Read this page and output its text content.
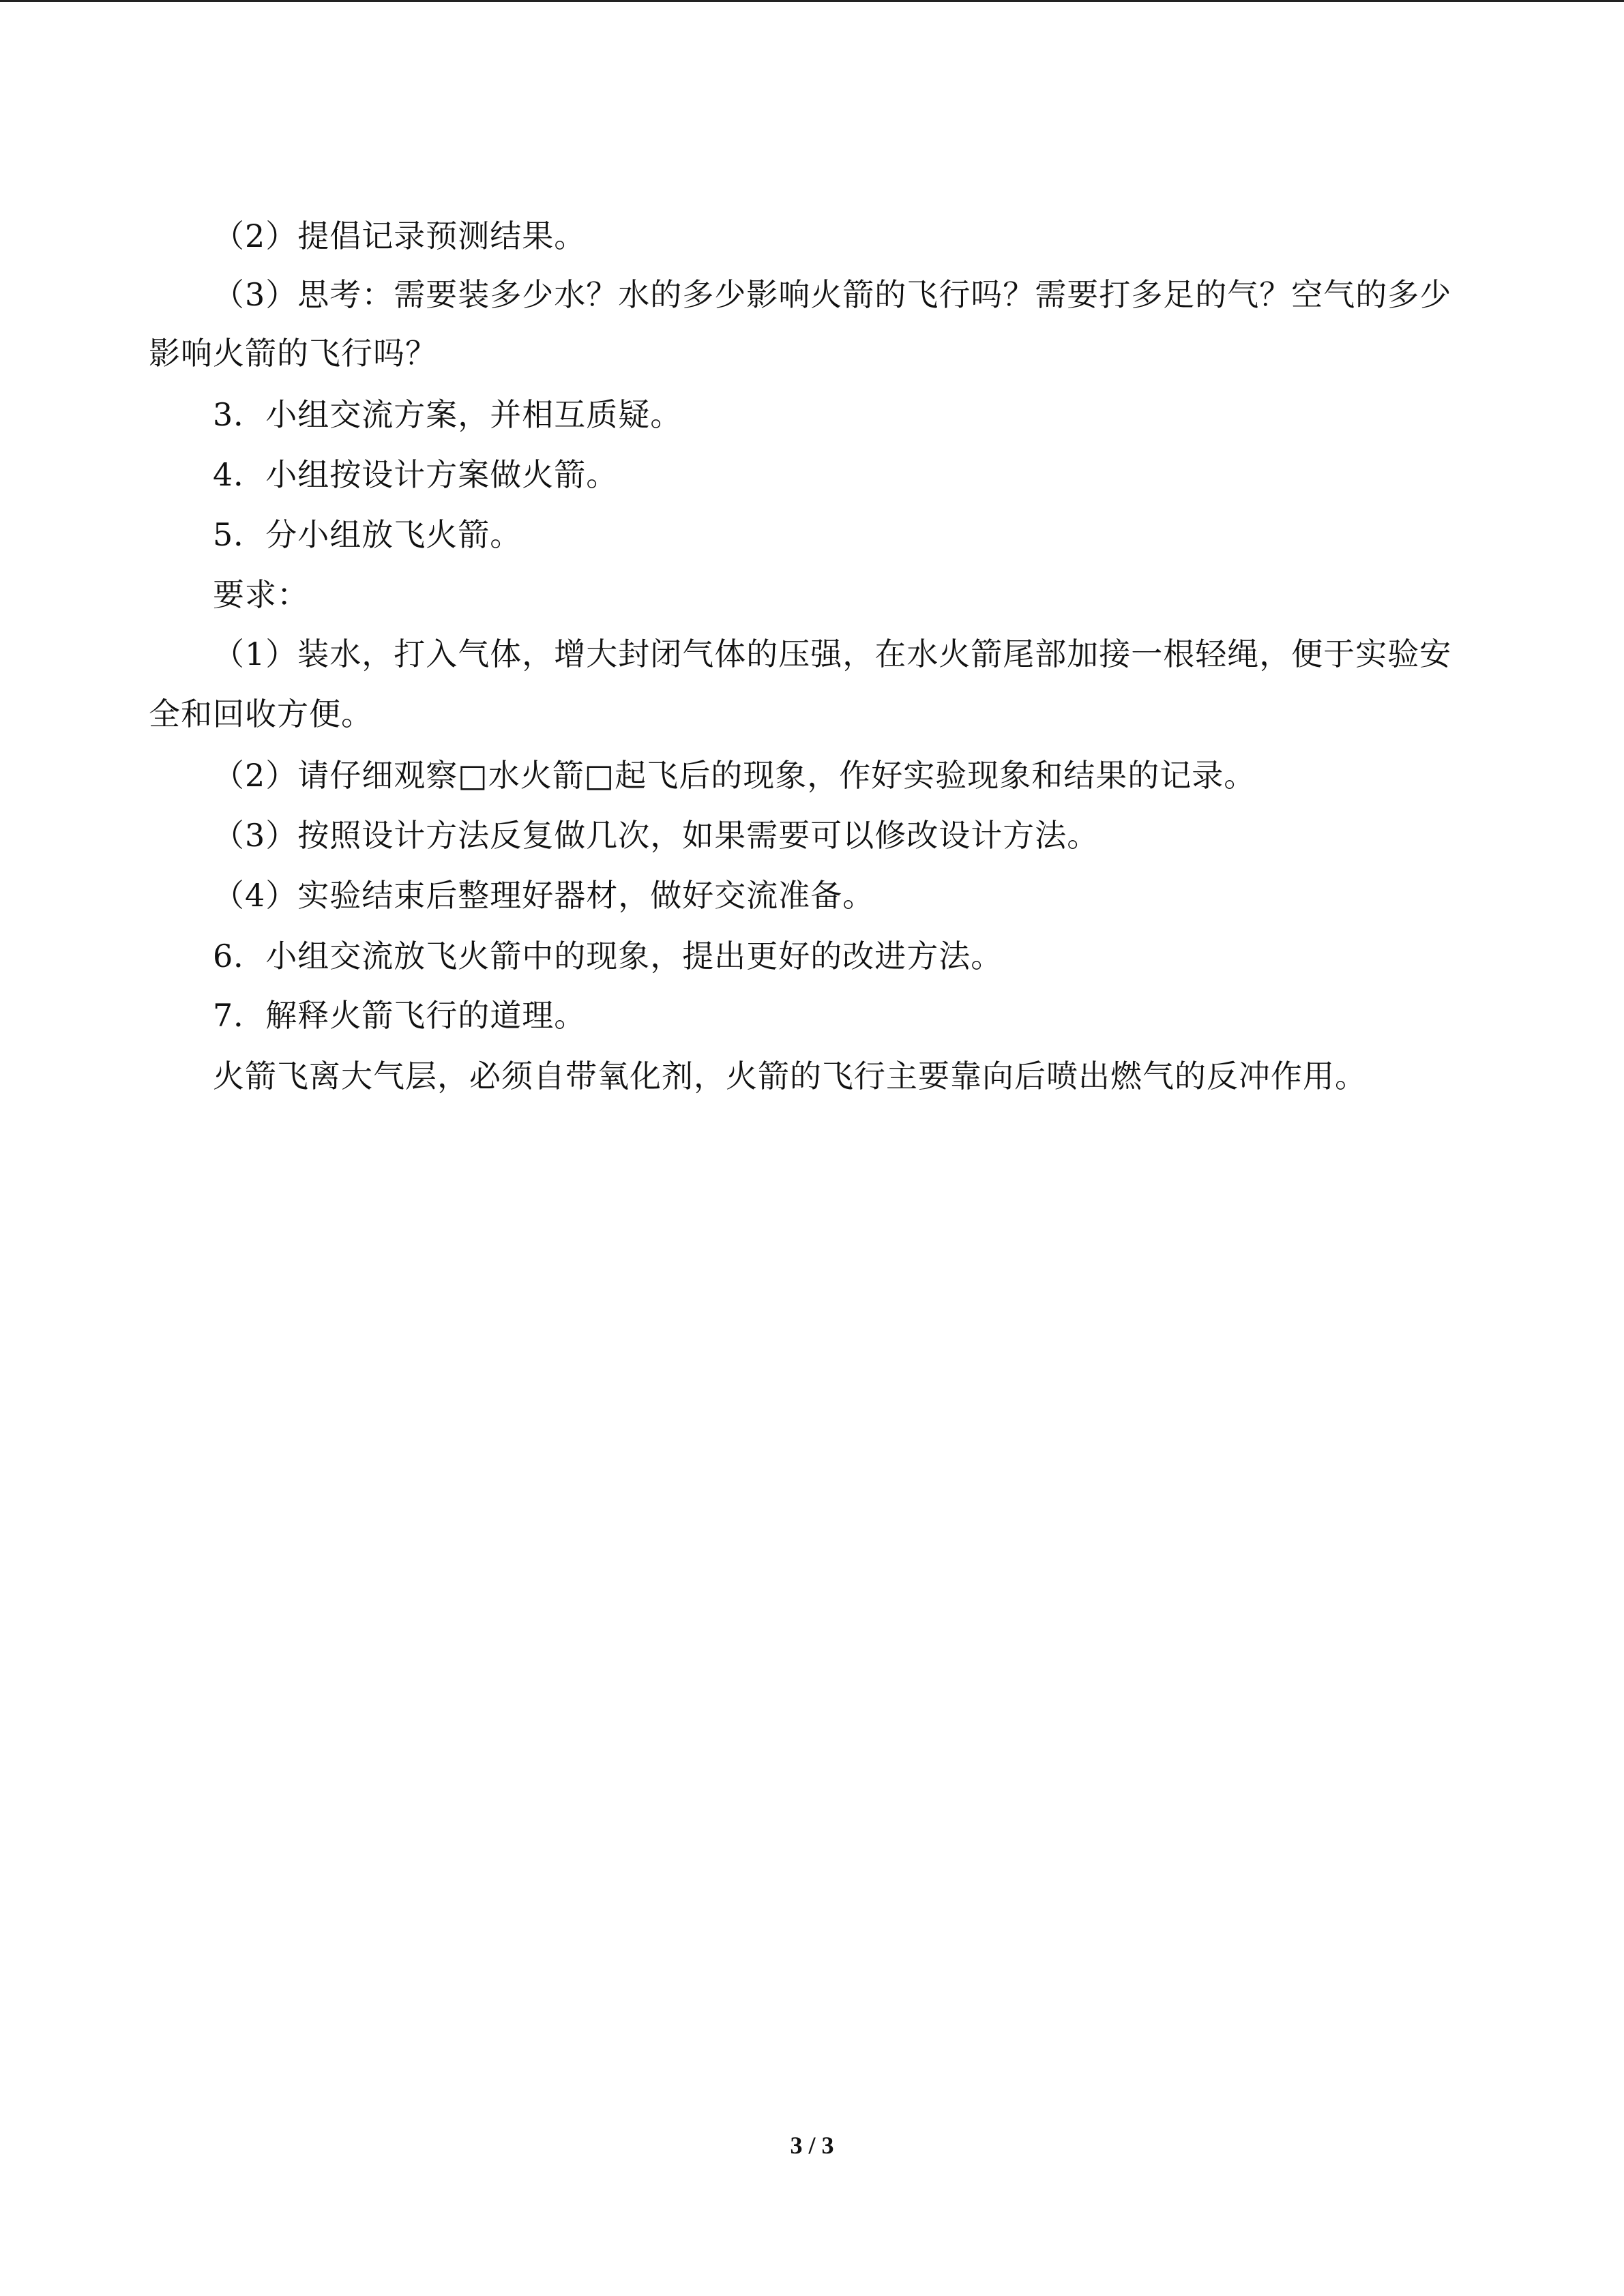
（2）提倡记录预测结果。
（3）思考：需要装多少水？水的多少影响火箭的飞行吗？需要打多足的气？空气的多少
影响火箭的飞行吗？
3．小组交流方案，并相互质疑。
4．小组按设计方案做火箭。
5．分小组放飞火箭。
要求：
（1）装水，打入气体，增大封闭气体的压强，在水火箭尾部加接一根轻绳，便于实验安
全和回收方便。
（2）请仔细观察□水火箭□起飞后的现象，作好实验现象和结果的记录。
（3）按照设计方法反复做几次，如果需要可以修改设计方法。
（4）实验结束后整理好器材，做好交流准备。
6．小组交流放飞火箭中的现象，提出更好的改进方法。
7．解释火箭飞行的道理。
火箭飞离大气层，必须自带氧化剂，火箭的飞行主要靠向后喷出燃气的反冲作用。
3 / 3
